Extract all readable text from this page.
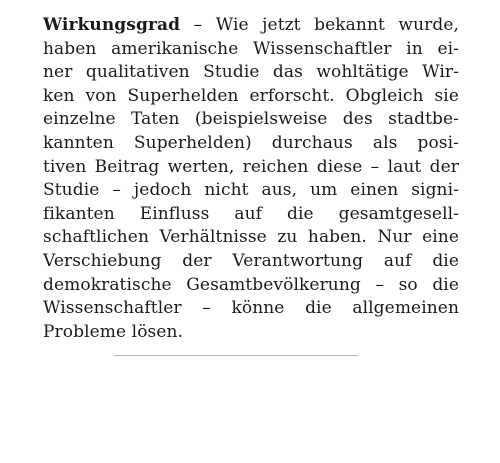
Wirkungsgrad – Wie jetzt bekannt wurde,
haben amerikanische Wissenschaftler in ei-
ner qualitativen Studie das wohltätige Wir-
ken von Superhelden erforscht. Obgleich sie
einzelne Taten (beispielsweise des stadtbe-
kannten Superhelden) durchaus als posi-
tiven Beitrag werten, reichen diese – laut der
Studie – jedoch nicht aus, um einen signi-
fikanten Einfluss auf die gesamtgesell-
schaftlichen Verhältnisse zu haben. Nur eine
Verschiebung der Verantwortung auf die
demokratische Gesamtbevölkerung – so die
Wissenschaftler – könne die allgemeinen
Probleme lösen.
